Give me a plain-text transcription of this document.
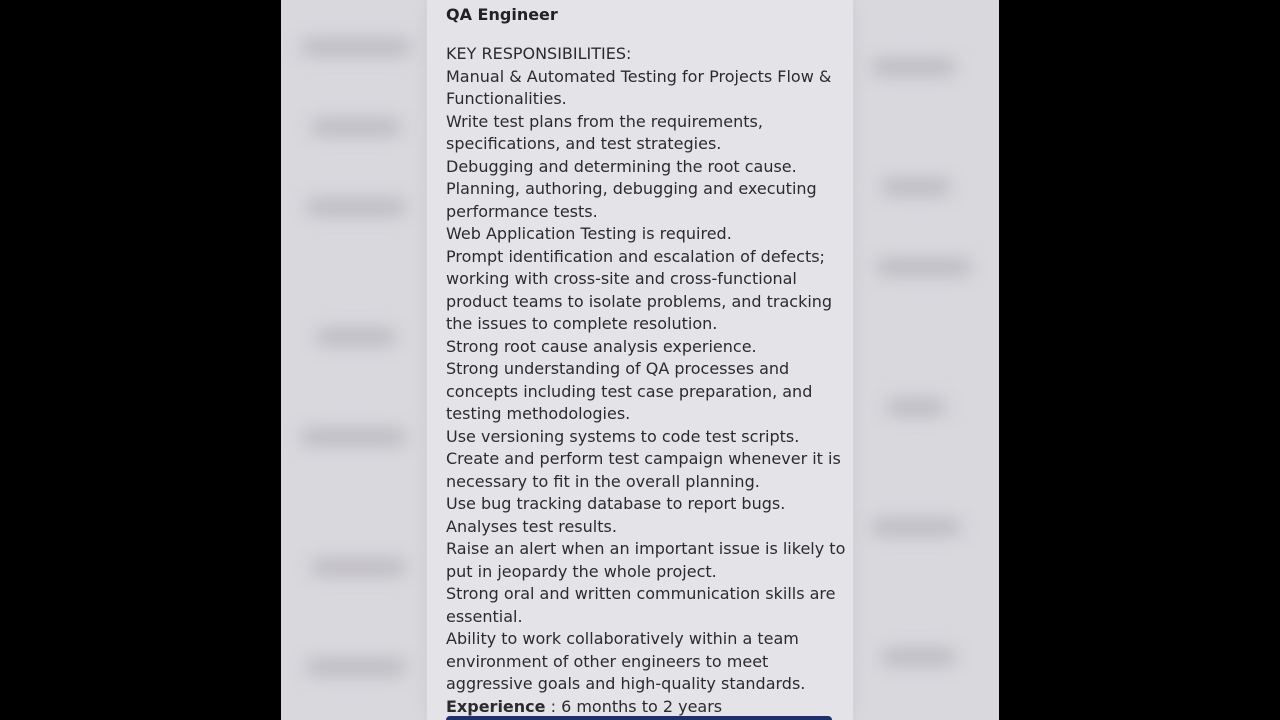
QA Engineer
KEY RESPONSIBILITIES:
Manual & Automated Testing for Projects Flow &
Functionalities.
Write test plans from the requirements,
specifications, and test strategies.
Debugging and determining the root cause.
Planning, authoring, debugging and executing
performance tests.
Web Application Testing is required.
Prompt identification and escalation of defects;
working with cross-site and cross-functional
product teams to isolate problems, and tracking
the issues to complete resolution.
Strong root cause analysis experience.
Strong understanding of QA processes and
concepts including test case preparation, and
testing methodologies.
Use versioning systems to code test scripts.
Create and perform test campaign whenever it is
necessary to fit in the overall planning.
Use bug tracking database to report bugs.
Analyses test results.
Raise an alert when an important issue is likely to
put in jeopardy the whole project.
Strong oral and written communication skills are
essential.
Ability to work collaboratively within a team
environment of other engineers to meet
aggressive goals and high-quality standards.
Experience : 6 months to 2 years
